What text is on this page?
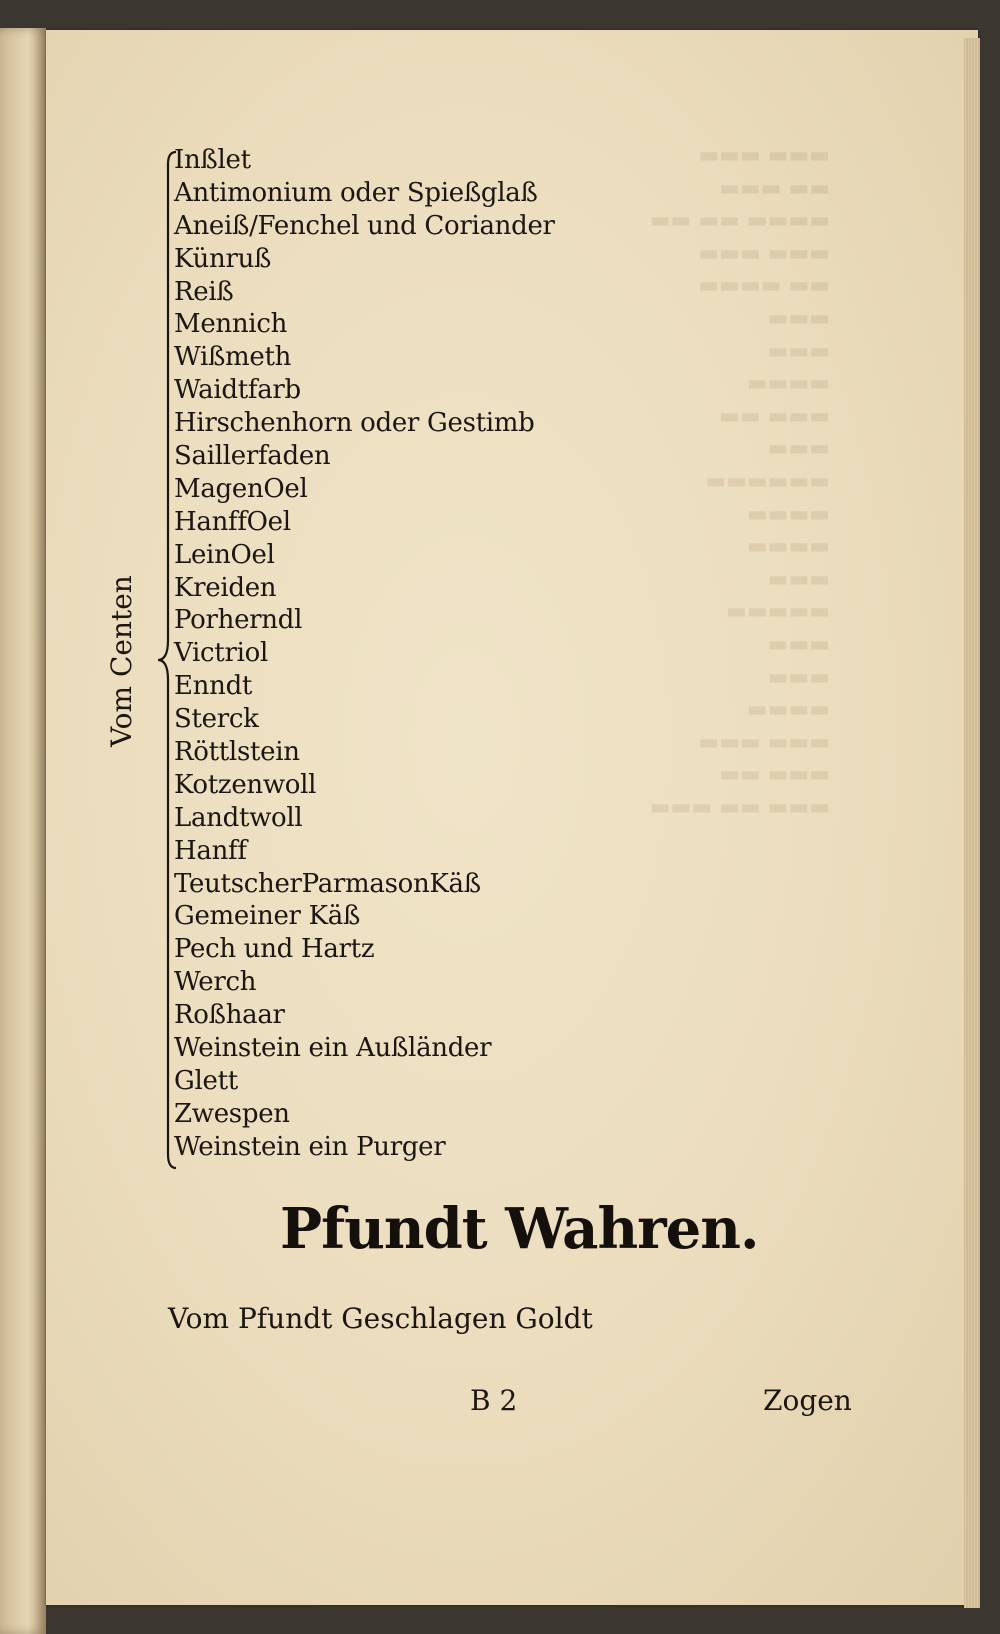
▬▬▬ ▬▬▬
▬▬ ▬▬▬
▬▬▬▬ ▬▬ ▬▬
▬▬▬ ▬▬▬
▬▬ ▬▬▬▬
▬▬▬
▬▬▬
▬▬▬▬
▬▬▬ ▬▬
▬▬▬
▬▬▬▬▬▬
▬▬▬▬
▬▬▬▬
▬▬▬
▬▬▬▬▬
▬▬▬
▬▬▬
▬▬▬▬
▬▬▬ ▬▬▬
▬▬▬ ▬▬
▬▬▬ ▬▬ ▬▬▬
Inßlet
Antimonium oder Spießglaß
Aneiß/Fenchel und Coriander
Künruß
Reiß
Mennich
Wißmeth
Waidtfarb
Hirschenhorn oder Gestimb
Saillerfaden
MagenOel
HanffOel
LeinOel
Kreiden
Porherndl
Victriol
Enndt
Sterck
Röttlstein
Kotzenwoll
Landtwoll
Hanff
TeutscherParmasonKäß
Gemeiner Käß
Pech und Hartz
Werch
Roßhaar
Weinstein ein Außländer
Glett
Zwespen
Weinstein ein Purger
Vom Centen
Pfundt Wahren.
Vom Pfundt Geschlagen Goldt
B 2	Zogen
